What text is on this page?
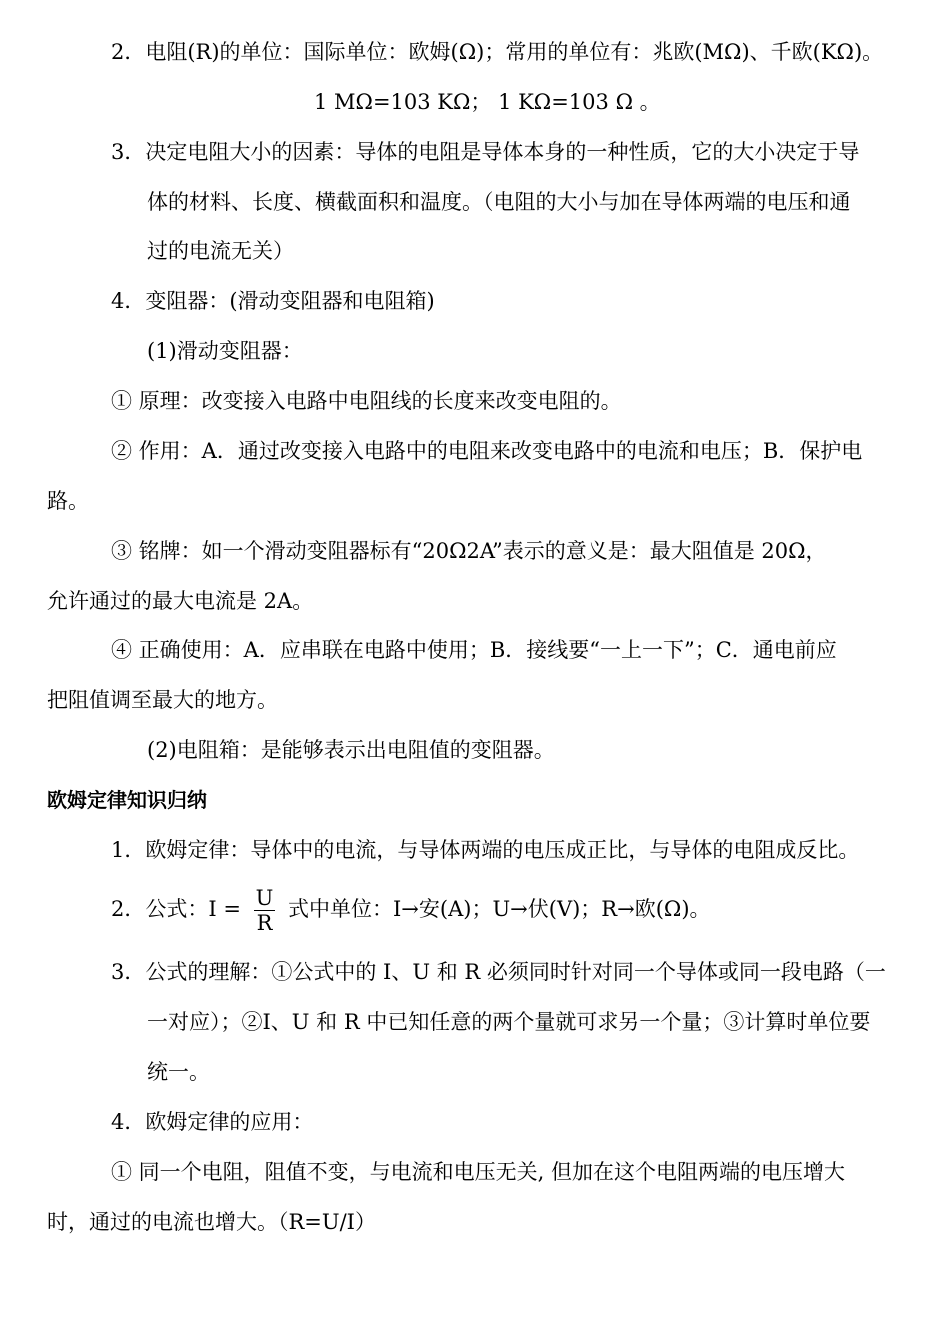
2．电阻(R)的单位：国际单位：欧姆(Ω)；常用的单位有：兆欧(MΩ)、千欧(KΩ)。
1 MΩ=103 KΩ； 1 KΩ=103 Ω 。
3．决定电阻大小的因素：导体的电阻是导体本身的一种性质，它的大小决定于导
体的材料、长度、横截面积和温度。（电阻的大小与加在导体两端的电压和通
过的电流无关）
4．变阻器：(滑动变阻器和电阻箱)
(1)滑动变阻器：
① 原理：改变接入电路中电阻线的长度来改变电阻的。
② 作用：A．通过改变接入电路中的电阻来改变电路中的电流和电压；B．保护电
路。
③ 铭牌：如一个滑动变阻器标有“20Ω2A”表示的意义是：最大阻值是 20Ω，
允许通过的最大电流是 2A。
④ 正确使用：A．应串联在电路中使用；B．接线要“一上一下”；C．通电前应
把阻值调至最大的地方。
(2)电阻箱：是能够表示出电阻值的变阻器。
欧姆定律知识归纳
1．欧姆定律：导体中的电流，与导体两端的电压成正比，与导体的电阻成反比。
2．公式：$I = \frac{U}{R}$ 式中单位：I→安(A)；U→伏(V)；R→欧(Ω)。
3．公式的理解：①公式中的 I、U 和 R 必须同时针对同一个导体或同一段电路（一
一对应）；②I、U 和 R 中已知任意的两个量就可求另一个量；③计算时单位要
统一。
4．欧姆定律的应用：
① 同一个电阻，阻值不变，与电流和电压无关, 但加在这个电阻两端的电压增大
时，通过的电流也增大。（R=U/I）
